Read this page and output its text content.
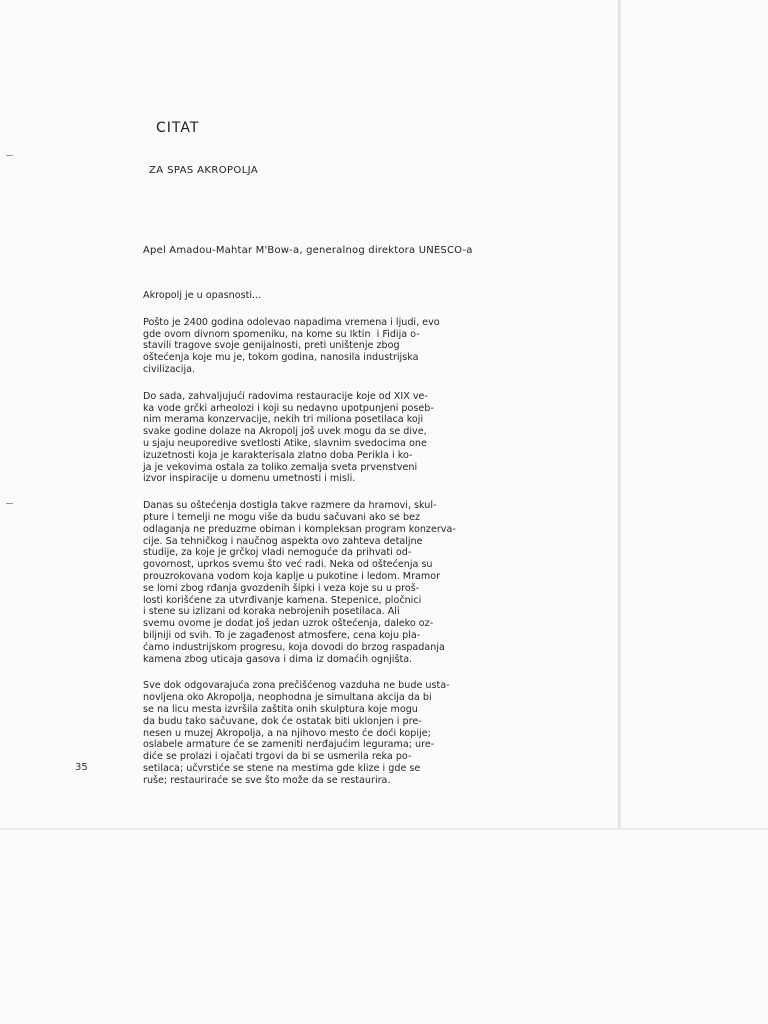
CITAT
ZA SPAS AKROPOLJA
Apel Amadou-Mahtar M'Bow-a, generalnog direktora UNESCO-a
Akropolj je u opasnosti...
Pošto je 2400 godina odolevao napadima vremena i ljudi, evo
gde ovom divnom spomeniku, na kome su Iktin  i Fidija o-
stavili tragove svoje genijalnosti, preti uništenje zbog
oštećenja koje mu je, tokom godina, nanosila industrijska
civilizacija.
Do sada, zahvaljujući radovima restauracije koje od XIX ve-
ka vode grčki arheolozi i koji su nedavno upotpunjeni poseb-
nim merama konzervacije, nekih tri miliona posetilaca koji
svake godine dolaze na Akropolj još uvek mogu da se dive,
u sjaju neuporedive svetlosti Atike, slavnim svedocima one
izuzetnosti koja je karakterisala zlatno doba Perikla i ko-
ja je vekovima ostala za toliko zemalja sveta prvenstveni
izvor inspiracije u domenu umetnosti i misli.
Danas su oštećenja dostigla takve razmere da hramovi, skul-
pture i temelji ne mogu više da budu sačuvani ako se bez
odlaganja ne preduzme obiman i kompleksan program konzerva-
cije. Sa tehničkog i naučnog aspekta ovo zahteva detaljne
studije, za koje je grčkoj vladi nemoguće da prihvati od-
govornost, uprkos svemu što već radi. Neka od oštećenja su
prouzrokovana vodom koja kaplje u pukotine i ledom. Mramor
se lomi zbog rđanja gvozdenih šipki i veza koje su u proš-
losti korišćene za utvrđivanje kamena. Stepenice, pločnici
i stene su izlizani od koraka nebrojenih posetilaca. Ali
svemu ovome je dodat još jedan uzrok oštećenja, daleko oz-
biljniji od svih. To je zagađenost atmosfere, cena koju pla-
ćamo industrijskom progresu, koja dovodi do brzog raspadanja
kamena zbog uticaja gasova i dima iz domaćih ognjišta.
Sve dok odgovarajuća zona prečišćenog vazduha ne bude usta-
novljena oko Akropolja, neophodna je simultana akcija da bi
se na licu mesta izvršila zaštita onih skulptura koje mogu
da budu tako sačuvane, dok će ostatak biti uklonjen i pre-
nesen u muzej Akropolja, a na njihovo mesto će doći kopije;
oslabele armature će se zameniti nerđajućim legurama; ure-
diće se prolazi i ojačati trgovi da bi se usmerila reka po-
setilaca; učvrstiće se stene na mestima gde klize i gde se
ruše; restauriraće se sve što može da se restaurira.
35
